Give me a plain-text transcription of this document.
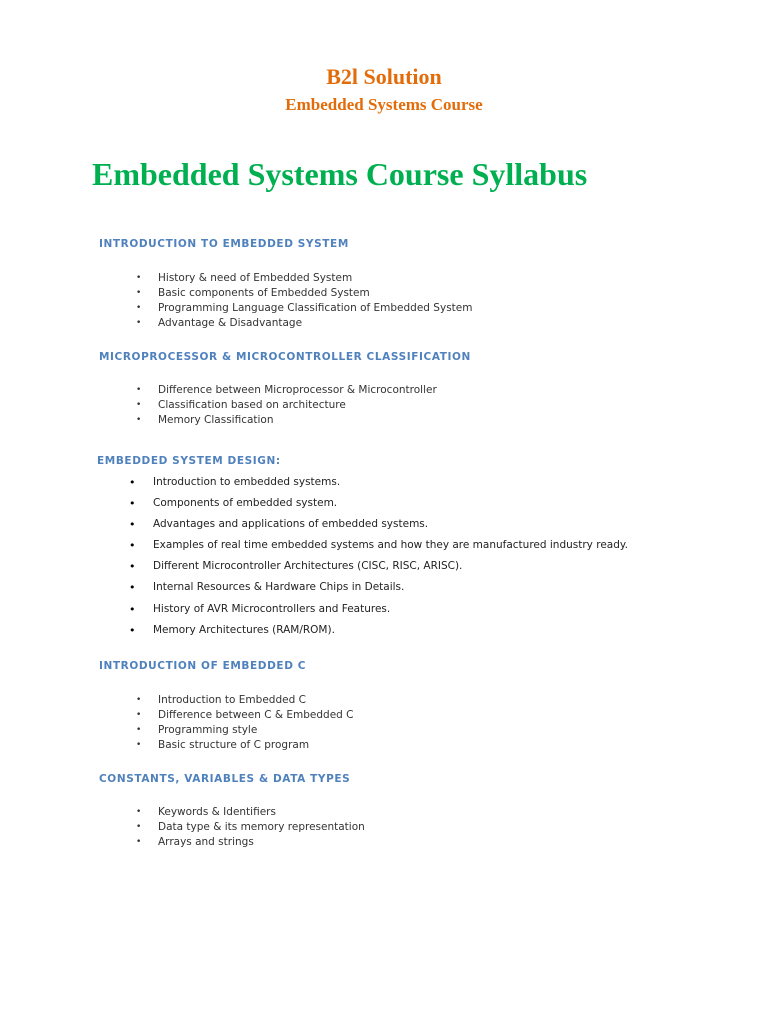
B2l Solution
Embedded Systems Course
Embedded Systems Course Syllabus
INTRODUCTION TO EMBEDDED SYSTEM
• History & need of Embedded System
• Basic components of Embedded System
• Programming Language Classification of Embedded System
• Advantage & Disadvantage
MICROPROCESSOR & MICROCONTROLLER CLASSIFICATION
• Difference between Microprocessor & Microcontroller
• Classification based on architecture
• Memory Classification
EMBEDDED SYSTEM DESIGN:
• Introduction to embedded systems.
• Components of embedded system.
• Advantages and applications of embedded systems.
• Examples of real time embedded systems and how they are manufactured industry ready.
• Different Microcontroller Architectures (CISC, RISC, ARISC).
• Internal Resources & Hardware Chips in Details.
• History of AVR Microcontrollers and Features.
• Memory Architectures (RAM/ROM).
INTRODUCTION OF EMBEDDED C
• Introduction to Embedded C
• Difference between C & Embedded C
• Programming style
• Basic structure of C program
CONSTANTS, VARIABLES & DATA TYPES
• Keywords & Identifiers
• Data type & its memory representation
• Arrays and strings
